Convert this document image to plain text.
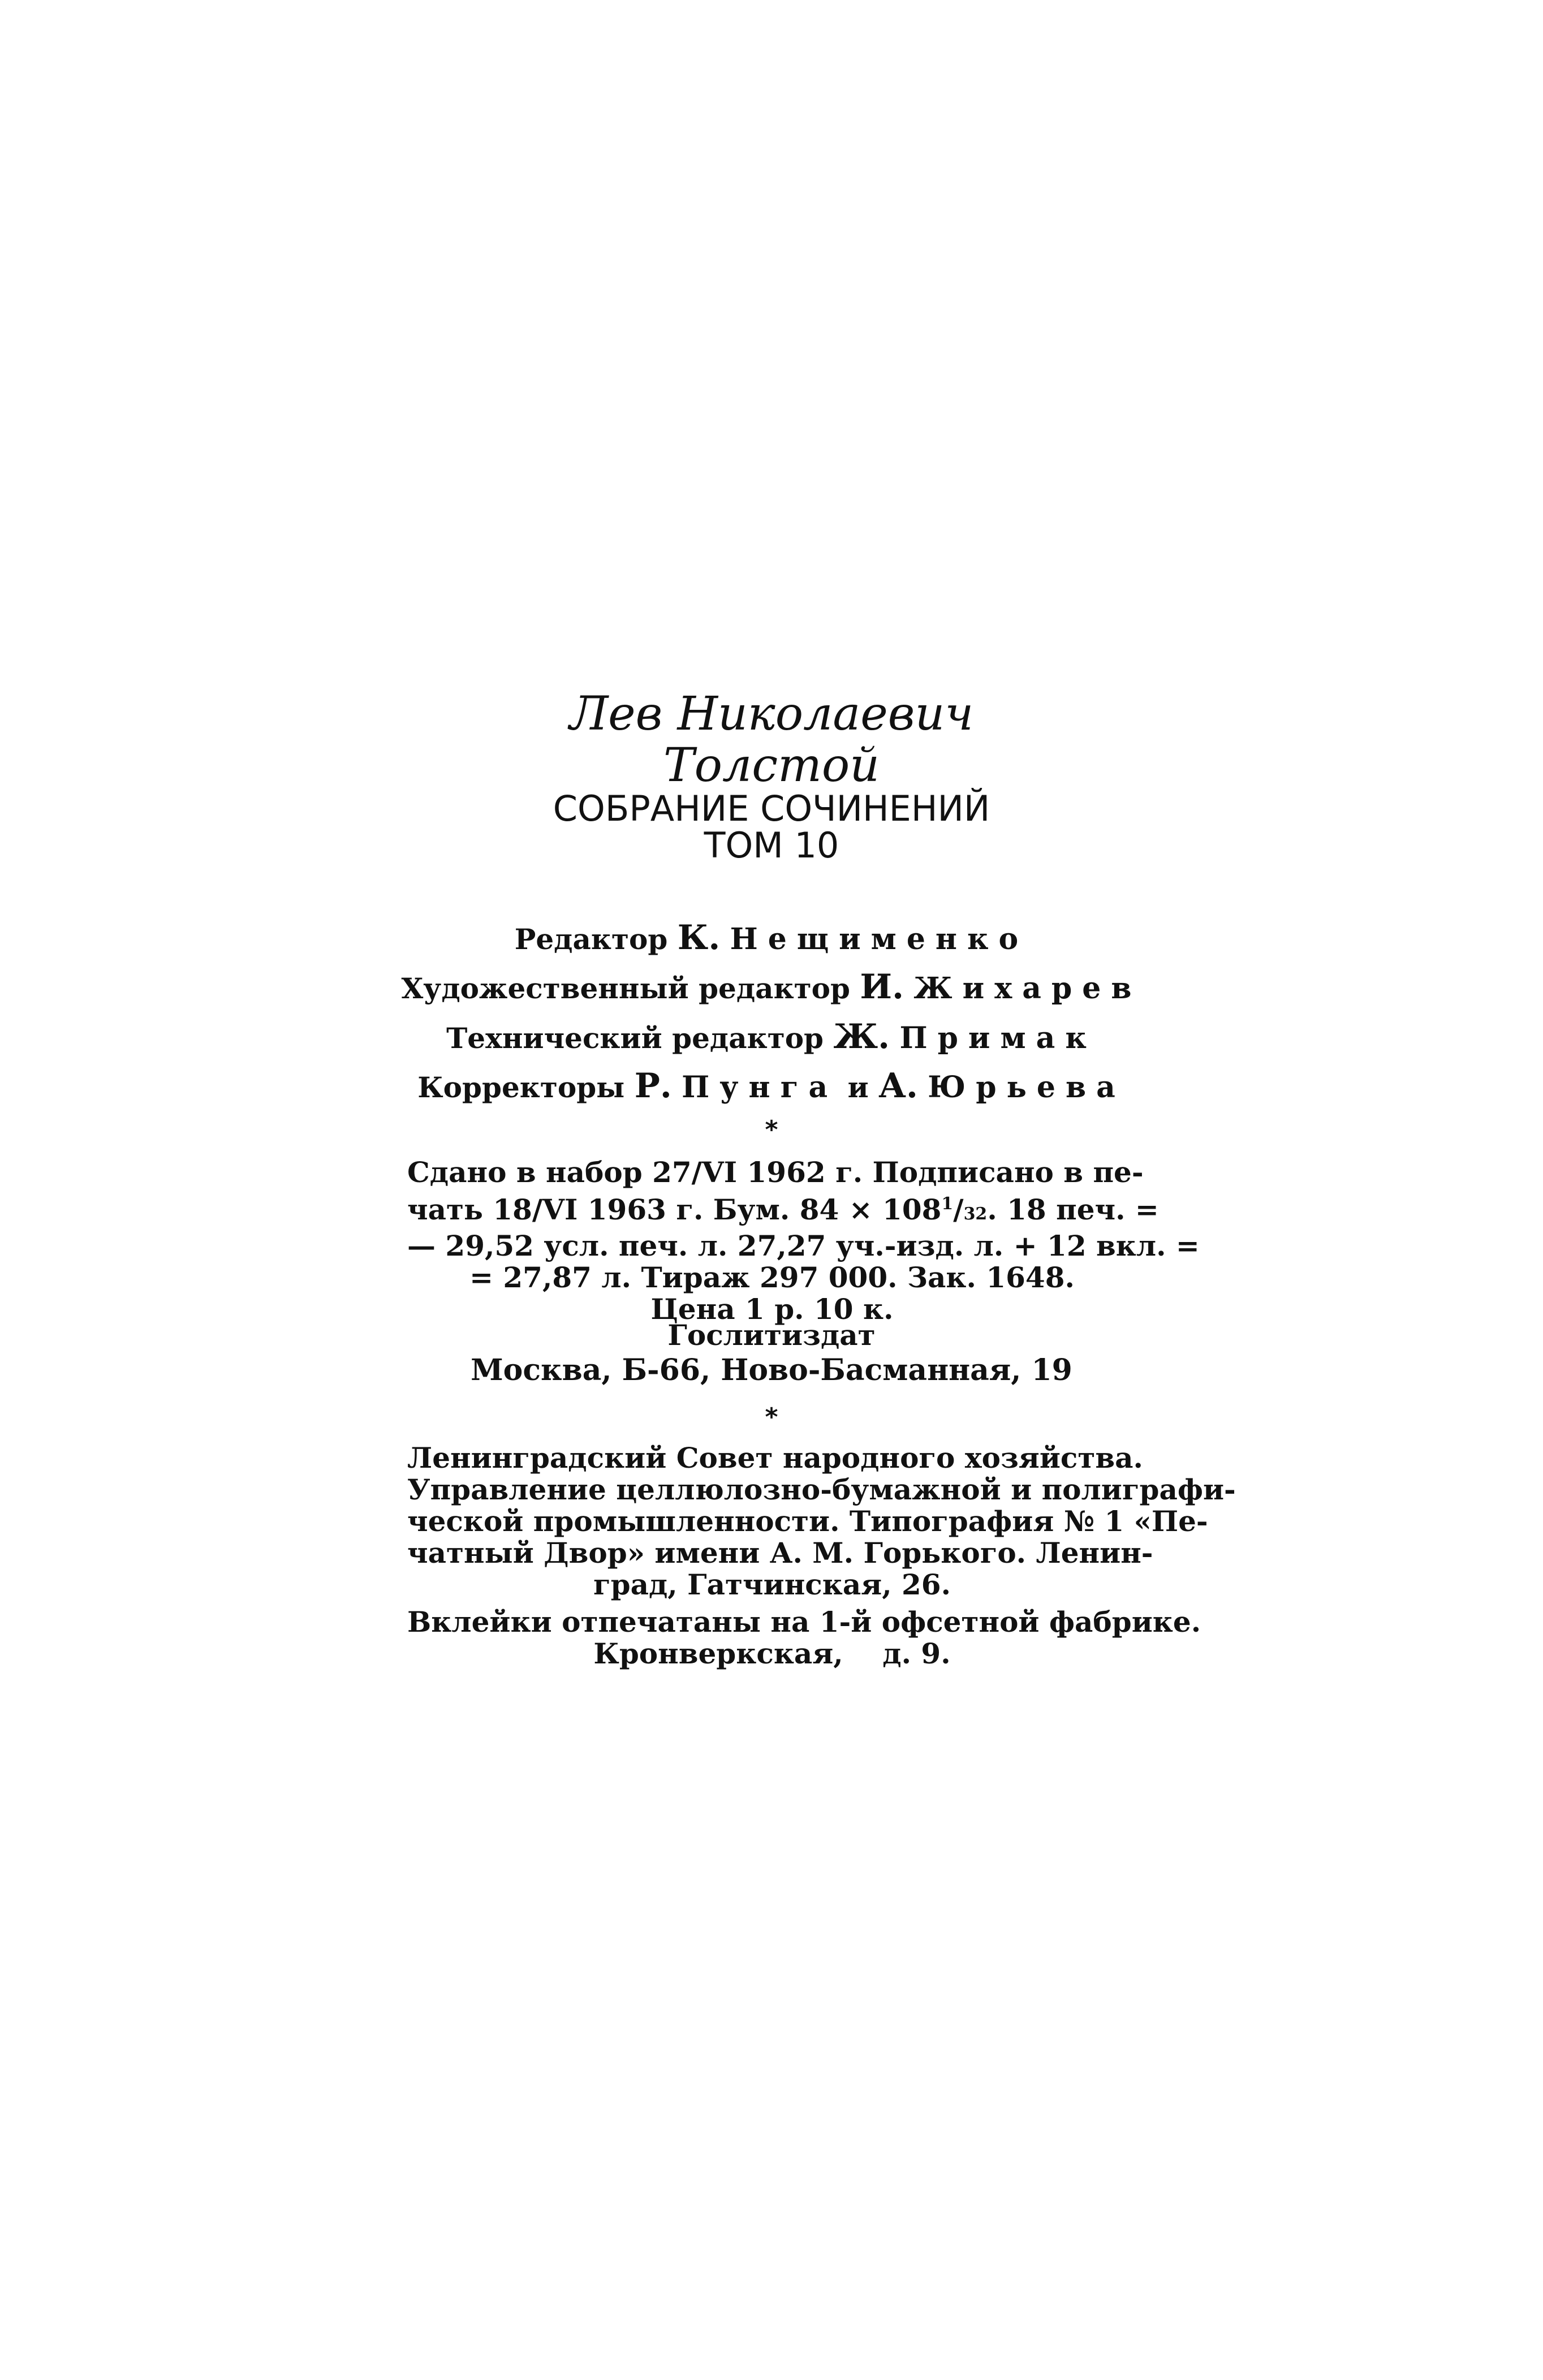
Лев Николаевич
Толстой
СОБРАНИЕ СОЧИНЕНИЙ
ТОМ 10
Редактор К. Нещименко
Художественный редактор И. Жихарев
Технический редактор Ж. Примак
Корректоры Р. Пунга и А. Юрьева
*
Сдано в набор 27/VI 1962 г. Подписано в пе-
чать 18/VI 1963 г. Бум. $84 \times 108^1/32$. 18 печ. =
— 29,52 усл. печ. л. 27,27 уч.-изд. л. + 12 вкл. =
= 27,87 л. Тираж 297 000. Зак. 1648.
Цена 1 р. 10 к.
Гослитиздат
Москва, Б-66, Ново-Басманная, 19
*
Ленинградский Совет народного хозяйства.
Управление целлюлозно-бумажной и полиграфи-
ческой промышленности. Типография № 1 «Пе-
чатный Двор» имени А. М. Горького. Ленин-
град, Гатчинская, 26.
Вклейки отпечатаны на 1-й офсетной фабрике.
Кронверкская,    д. 9.
